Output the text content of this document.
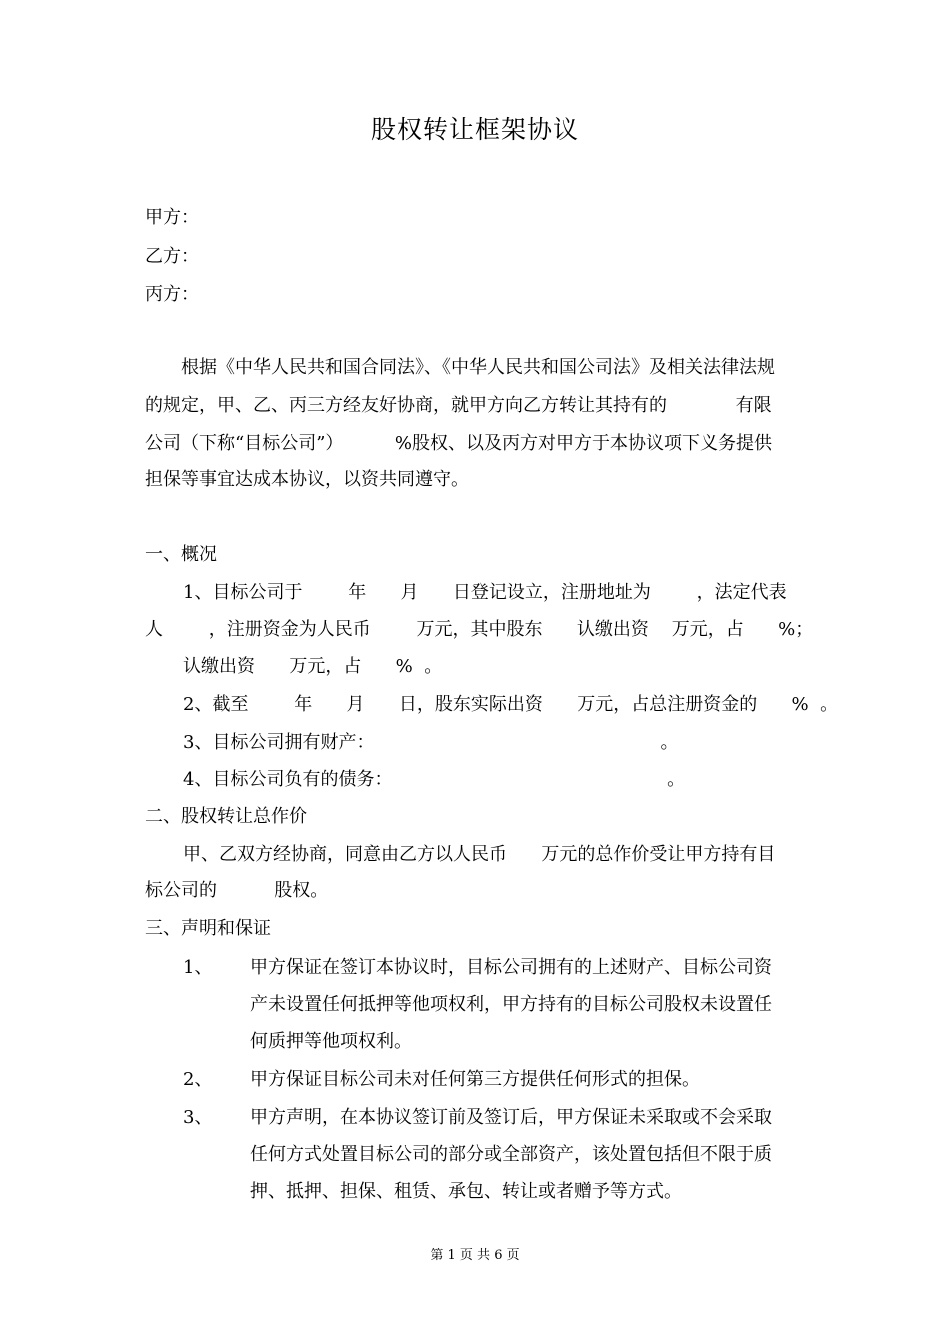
股权转让框架协议
甲方：
乙方：
丙方：
根据《中华人民共和国合同法》、《中华人民共和国公司法》及相关法律法规
的规定，甲、乙、丙三方经友好协商，就甲方向乙方转让其持有的            有限
公司（下称“目标公司”）         %股权、以及丙方对甲方于本协议项下义务提供
担保等事宜达成本协议，以资共同遵守。
一、概况
1、目标公司于        年      月      日登记设立，注册地址为        ，法定代表
人        ，注册资金为人民币        万元，其中股东      认缴出资    万元，占      %；
认缴出资      万元，占      %  。
2、截至        年      月      日，股东实际出资      万元，占总注册资金的      %  。
3、目标公司拥有财产：                                                  。
4、目标公司负有的债务：                                                。
二、股权转让总作价
甲、乙双方经协商，同意由乙方以人民币      万元的总作价受让甲方持有目
标公司的          股权。
三、声明和保证
1、 甲方保证在签订本协议时，目标公司拥有的上述财产、目标公司资
产未设置任何抵押等他项权利，甲方持有的目标公司股权未设置任
何质押等他项权利。
2、 甲方保证目标公司未对任何第三方提供任何形式的担保。
3、 甲方声明，在本协议签订前及签订后，甲方保证未采取或不会采取
任何方式处置目标公司的部分或全部资产，该处置包括但不限于质
押、抵押、担保、租赁、承包、转让或者赠予等方式。
第 1 页 共 6 页
